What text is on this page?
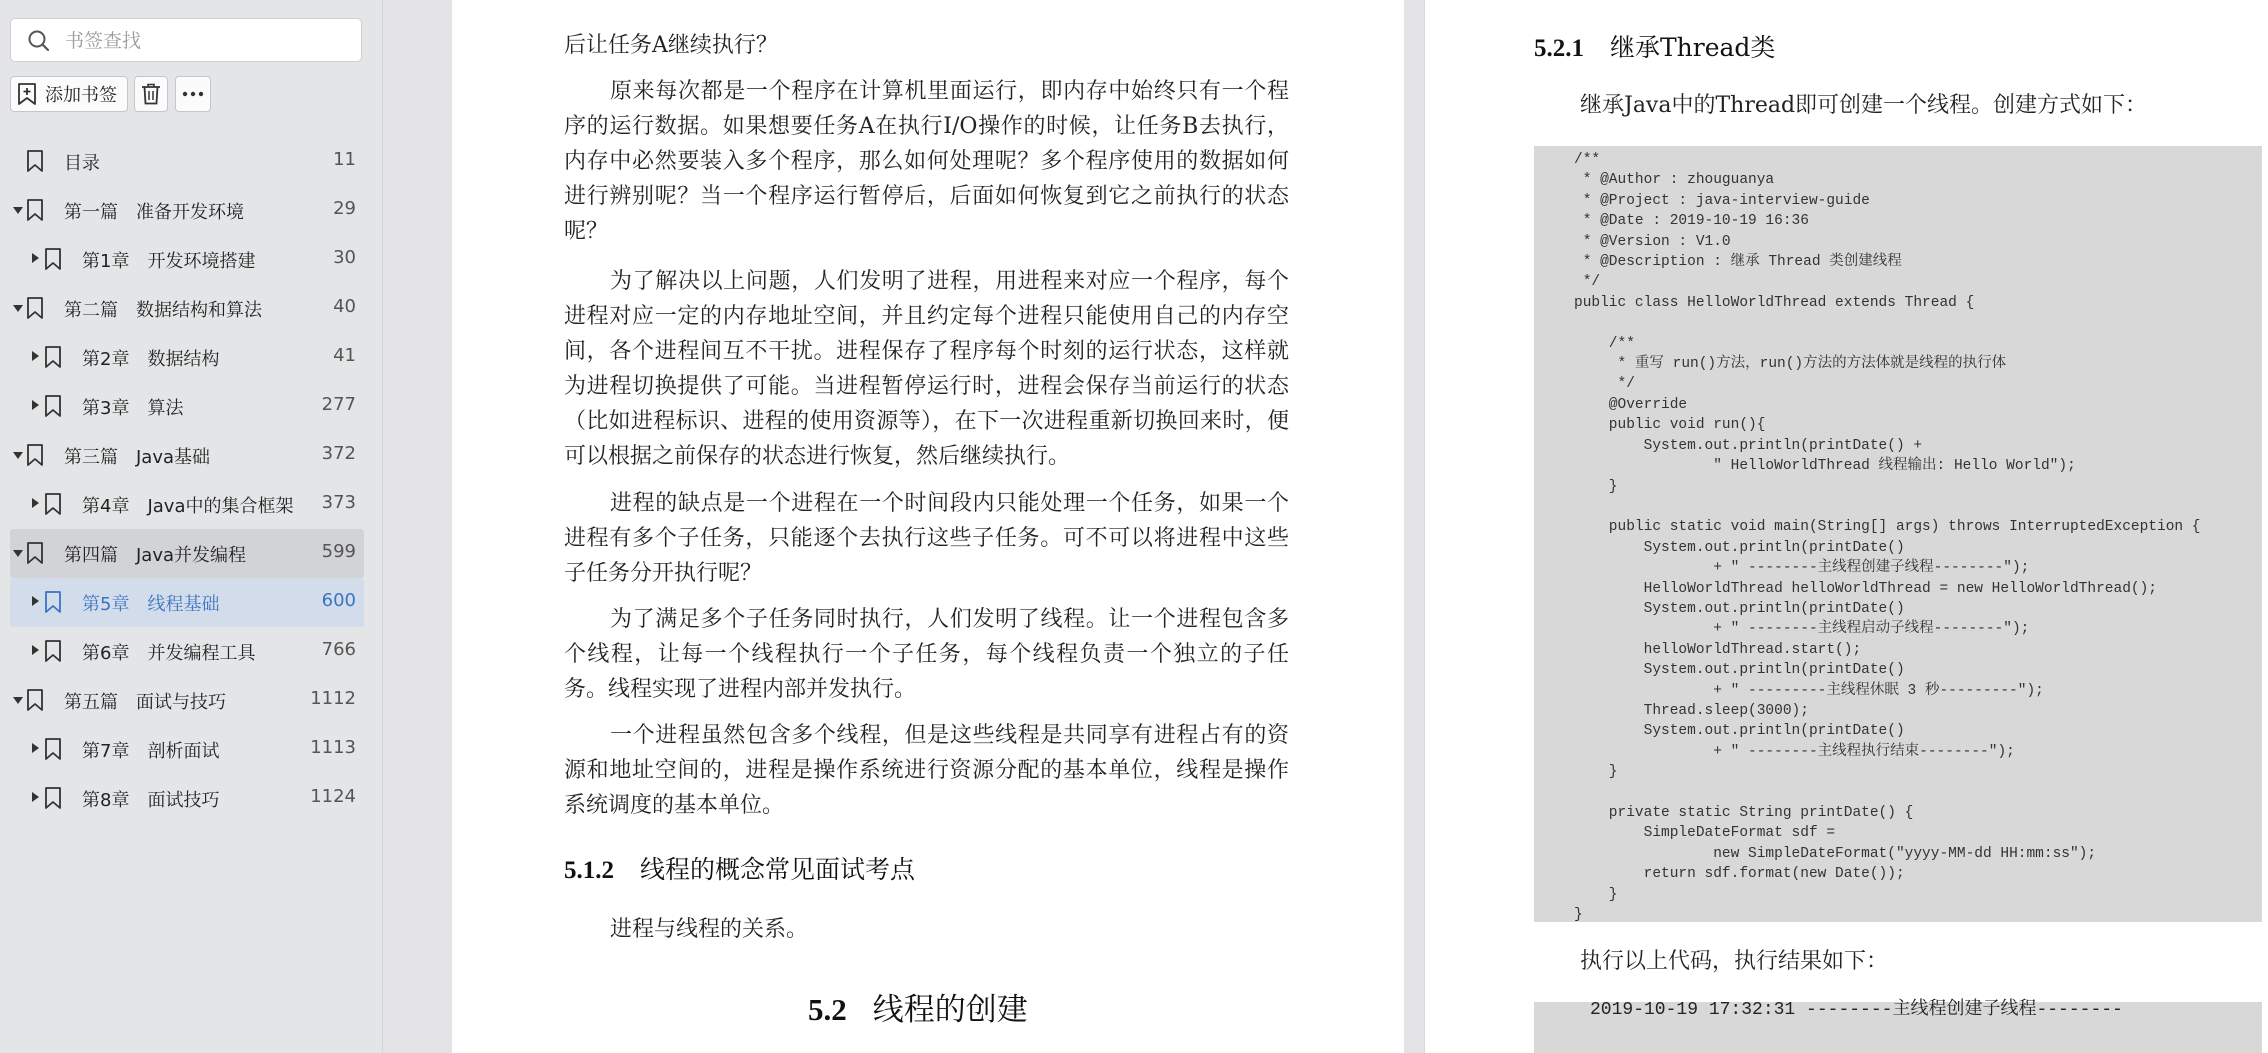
书签查找
添加书签
目录	11
第一篇　准备开发环境	29
第1章　开发环境搭建	30
第二篇　数据结构和算法	40
第2章　数据结构	41
第3章　算法	277
第三篇　Java基础	372
第4章　Java中的集合框架 373
第四篇　Java并发编程	599
第5章　线程基础	600
第6章　并发编程工具	766
第五篇　面试与技巧	1112
第7章　剖析面试	1113
第8章　面试技巧	1124
后让任务A继续执行？
原来每次都是一个程序在计算机里面运行，即内存中始终只有一个程序的运行数据。如果想要任务A在执行I/O操作的时候，让任务B去执行，内存中必然要装入多个程序，那么如何处理呢？多个程序使用的数据如何进行辨别呢？当一个程序运行暂停后，后面如何恢复到它之前执行的状态呢？
为了解决以上问题，人们发明了进程，用进程来对应一个程序，每个进程对应一定的内存地址空间，并且约定每个进程只能使用自己的内存空间，各个进程间互不干扰。进程保存了程序每个时刻的运行状态，这样就为进程切换提供了可能。当进程暂停运行时，进程会保存当前运行的状态（比如进程标识、进程的使用资源等），在下一次进程重新切换回来时，便可以根据之前保存的状态进行恢复，然后继续执行。
进程的缺点是一个进程在一个时间段内只能处理一个任务，如果一个进程有多个子任务，只能逐个去执行这些子任务。可不可以将进程中这些子任务分开执行呢？
为了满足多个子任务同时执行，人们发明了线程。让一个进程包含多个线程，让每一个线程执行一个子任务，每个线程负责一个独立的子任务。线程实现了进程内部并发执行。
一个进程虽然包含多个线程，但是这些线程是共同享有进程占有的资源和地址空间的，进程是操作系统进行资源分配的基本单位，线程是操作系统调度的基本单位。
5.1.2 线程的概念常见面试考点
进程与线程的关系。
5.2 线程的创建
5.2.1 继承Thread类
继承Java中的Thread即可创建一个线程。创建方式如下：
/**
* @Author : zhouguanya
* @Project : java-interview-guide
* @Date : 2019-10-19 16:36
* @Version : V1.0
* @Description : 继承 Thread 类创建线程
*/
public class HelloWorldThread extends Thread {

/**
* 重写 run()方法，run()方法的方法体就是线程的执行体
*/
@Override
public void run(){
System.out.println(printDate() +
" HelloWorldThread 线程输出: Hello World");
}

public static void main(String[] args) throws InterruptedException {
System.out.println(printDate()
+ " --------主线程创建子线程--------");
HelloWorldThread helloWorldThread = new HelloWorldThread();
System.out.println(printDate()
+ " --------主线程启动子线程--------");
helloWorldThread.start();
System.out.println(printDate()
+ " ---------主线程休眠 3 秒---------");
Thread.sleep(3000);
System.out.println(printDate()
+ " --------主线程执行结束--------");
}

private static String printDate() {
SimpleDateFormat sdf =
new SimpleDateFormat("yyyy-MM-dd HH:mm:ss");
return sdf.format(new Date());
}
}
执行以上代码，执行结果如下：
2019-10-19 17:32:31 --------主线程创建子线程--------
